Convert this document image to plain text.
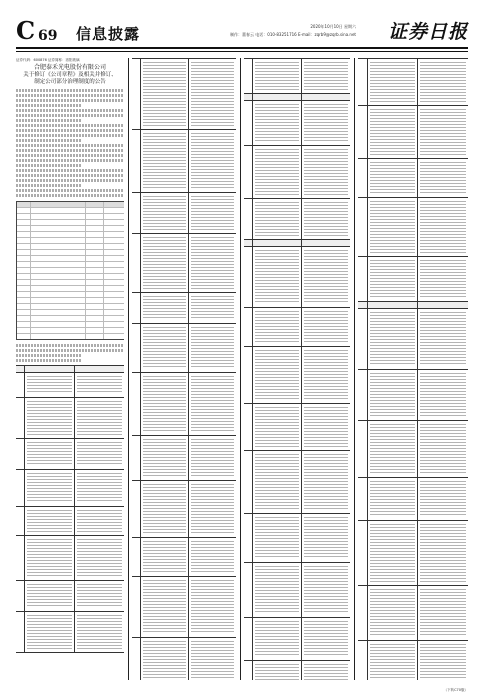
C 69 信息披露	2020年10月10日 星期六
制作：董春云 电话：010-83251716 E-mail：zqrb9@zqrb.sina.net 证券日报
证券代码：600876 证券简称：洛阳玻璃
合肥泰禾光电股份有限公司
关于修订《公司章程》及相关并修订、
制定公司部分治理制度的公告
（下转C70版）
